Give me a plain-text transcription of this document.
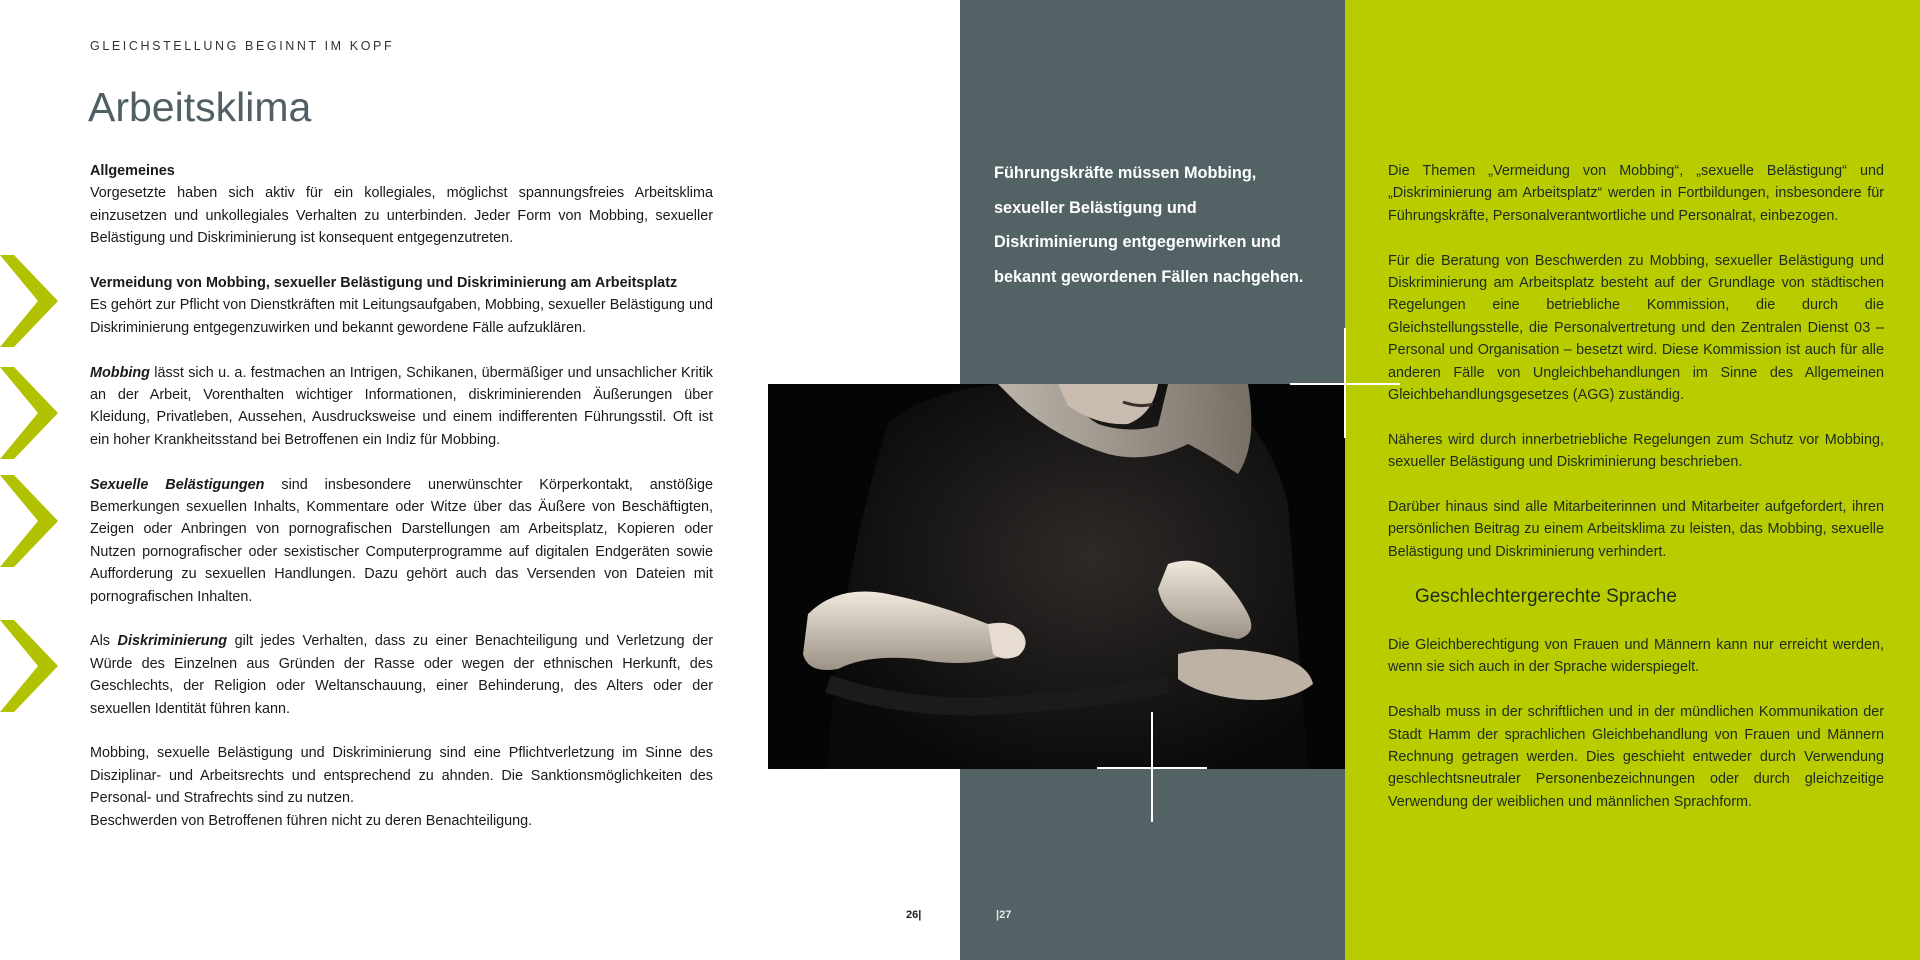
GLEICHSTELLUNG BEGINNT IM KOPF
Arbeitsklima

Allgemeines
Vorgesetzte haben sich aktiv für ein kollegiales, möglichst spannungsfreies Arbeitsklima einzusetzen und unkollegiales Verhalten zu unterbinden. Jeder Form von Mobbing, sexueller Belästigung und Diskriminierung ist konsequent entgegenzutreten.

Vermeidung von Mobbing, sexueller Belästigung und Diskriminierung am Arbeitsplatz
Es gehört zur Pflicht von Dienstkräften mit Leitungsaufgaben, Mobbing, sexueller Belästigung und Diskriminierung entgegenzuwirken und bekannt gewordene Fälle aufzuklären.

Mobbing lässt sich u. a. festmachen an Intrigen, Schikanen, übermäßiger und unsachlicher Kritik an der Arbeit, Vorenthalten wichtiger Informationen, diskriminierenden Äußerungen über Kleidung, Privatleben, Aussehen, Ausdrucksweise und einem indifferenten Führungsstil. Oft ist ein hoher Krankheitsstand bei Betroffenen ein Indiz für Mobbing.

Sexuelle Belästigungen sind insbesondere unerwünschter Körperkontakt, anstößige Bemerkungen sexuellen Inhalts, Kommentare oder Witze über das Äußere von Beschäftigten, Zeigen oder Anbringen von pornografischen Darstellungen am Arbeitsplatz, Kopieren oder Nutzen pornografischer oder sexistischer Computerprogramme auf digitalen Endgeräten sowie Aufforderung zu sexuellen Handlungen. Dazu gehört auch das Versenden von Dateien mit pornografischen Inhalten.

Als Diskriminierung gilt jedes Verhalten, dass zu einer Benachteiligung und Verletzung der Würde des Einzelnen aus Gründen der Rasse oder wegen der ethnischen Herkunft, des Geschlechts, der Religion oder Weltanschauung, einer Behinderung, des Alters oder der sexuellen Identität führen kann.

Mobbing, sexuelle Belästigung und Diskriminierung sind eine Pflichtverletzung im Sinne des Disziplinar- und Arbeitsrechts und entsprechend zu ahnden. Die Sanktionsmöglichkeiten des Personal- und Strafrechts sind zu nutzen.
Beschwerden von Betroffenen führen nicht zu deren Benachteiligung.

26|
Führungskräfte müssen Mobbing, sexueller Belästigung und Diskriminierung entgegenwirken und bekannt gewordenen Fällen nachgehen.
|27

Die Themen „Vermeidung von Mobbing“, „sexuelle Belästigung“ und „Diskriminierung am Arbeitsplatz“ werden in Fortbildungen, insbesondere für Führungskräfte, Personalverantwortliche und Personalrat, einbezogen.

Für die Beratung von Beschwerden zu Mobbing, sexueller Belästigung und Diskriminierung am Arbeitsplatz besteht auf der Grundlage von städtischen Regelungen eine betriebliche Kommission, die durch die Gleichstellungsstelle, die Personalvertretung und den Zentralen Dienst 03 – Personal und Organisation – besetzt wird. Diese Kommission ist auch für alle anderen Fälle von Ungleichbehandlungen im Sinne des Allgemeinen Gleichbehandlungsgesetzes (AGG) zuständig.

Näheres wird durch innerbetriebliche Regelungen zum Schutz vor Mobbing, sexueller Belästigung und Diskriminierung beschrieben.

Darüber hinaus sind alle Mitarbeiterinnen und Mitarbeiter aufgefordert, ihren persönlichen Beitrag zu einem Arbeitsklima zu leisten, das Mobbing, sexuelle Belästigung und Diskriminierung verhindert.

Geschlechtergerechte Sprache

Die Gleichberechtigung von Frauen und Männern kann nur erreicht werden, wenn sie sich auch in der Sprache widerspiegelt.

Deshalb muss in der schriftlichen und in der mündlichen Kommunikation der Stadt Hamm der sprachlichen Gleichbehandlung von Frauen und Männern Rechnung getragen werden. Dies geschieht entweder durch Verwendung geschlechtsneutraler Personenbezeichnungen oder durch gleichzeitige Verwendung der weiblichen und männlichen Sprachform.
